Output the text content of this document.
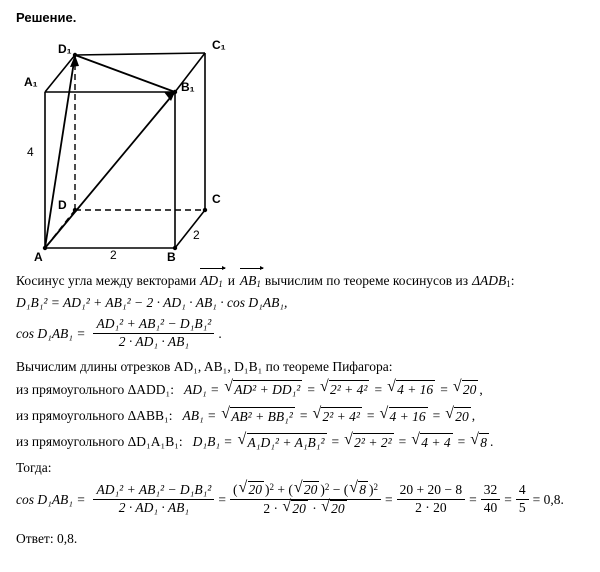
Решение.
D₁	C₁
A₁	B₁
D	C
A	B
4
2
2
Косинус угла между векторами $AD_1$ и $AB_1$ вычислим по теореме косинусов из $\Delta ADB_1$:
D₁B₁² = AD₁² + AB₁² − 2 · AD₁ · AB₁ · cos D₁AB₁,
$\cos D_1AB_1 = \frac{\text{AD₁² + AB₁² − D₁B₁²}}{\text{2 · AD₁ · AB₁}}$ .
Вычислим длины отрезков AD₁, AB₁, D₁B₁ по теореме Пифагора:
из прямоугольного ΔADD₁: AD₁ =	√ AD² + DD₁² =	√ 2² + 4² =	√ 4 + 16 =	√ 20 ,
из прямоугольного ΔABB₁: AB₁ =	√ AB² + BB₁² =	√ 2² + 4² =	√ 4 + 16 =	√ 20 ,
из прямоугольного ΔD₁A₁B₁: D₁B₁ =	√ A₁D₁² + A₁B₁² =	√ 2² + 2² =	√ 4 + 4 =	√ 8 .
Тогда:
$\cos D_1AB_1 = \frac{\text{AD₁² + AB₁² − D₁B₁²}}{\text{2 · AD₁ · AB₁}} = \frac{( √ 20 )^2 + ( √ 20 )^2 - ( √ 8 )^2}{2 \cdot √ 20 \cdot √ 20} = \frac{20 + 20 - 8}{2 \cdot 20} = \frac{32}{40} = \frac{4}{5} = 0,8$.
Ответ: 0,8.
